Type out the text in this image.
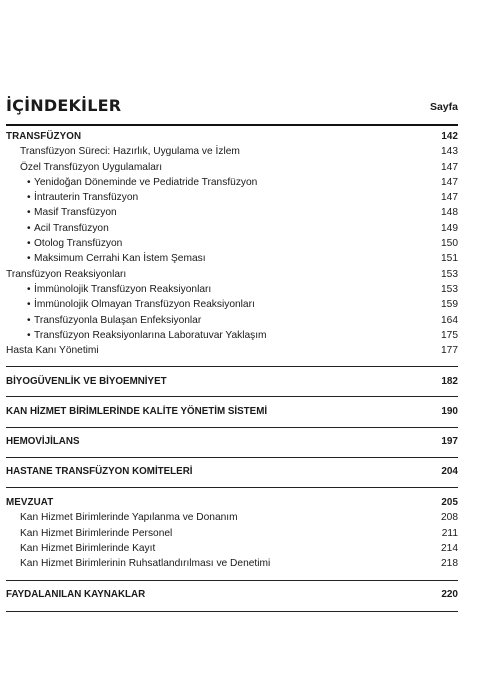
İÇİNDEKİLER	Sayfa
TRANSFÜZYON	142
Transfüzyon Süreci: Hazırlık, Uygulama ve İzlem	143
Özel Transfüzyon Uygulamaları	147
• Yenidoğan Döneminde ve Pediatride Transfüzyon	147
• İntrauterin Transfüzyon	147
• Masif Transfüzyon	148
• Acil Transfüzyon	149
• Otolog Transfüzyon	150
• Maksimum Cerrahi Kan İstem Şeması	151
Transfüzyon Reaksiyonları	153
• İmmünolojik Transfüzyon Reaksiyonları	153
• İmmünolojik Olmayan Transfüzyon Reaksiyonları	159
• Transfüzyonla Bulaşan Enfeksiyonlar	164
• Transfüzyon Reaksiyonlarına Laboratuvar Yaklaşım	175
Hasta Kanı Yönetimi	177
BİYOGÜVENLİK VE BİYOEMNİYET	182
KAN HİZMET BİRİMLERİNDE KALİTE YÖNETİM SİSTEMİ	190
HEMOVİJİLANS	197
HASTANE TRANSFÜZYON KOMİTELERİ	204
MEVZUAT	205
Kan Hizmet Birimlerinde Yapılanma ve Donanım	208
Kan Hizmet Birimlerinde Personel	211
Kan Hizmet Birimlerinde Kayıt	214
Kan Hizmet Birimlerinin Ruhsatlandırılması ve Denetimi	218
FAYDALANILAN KAYNAKLAR	220
